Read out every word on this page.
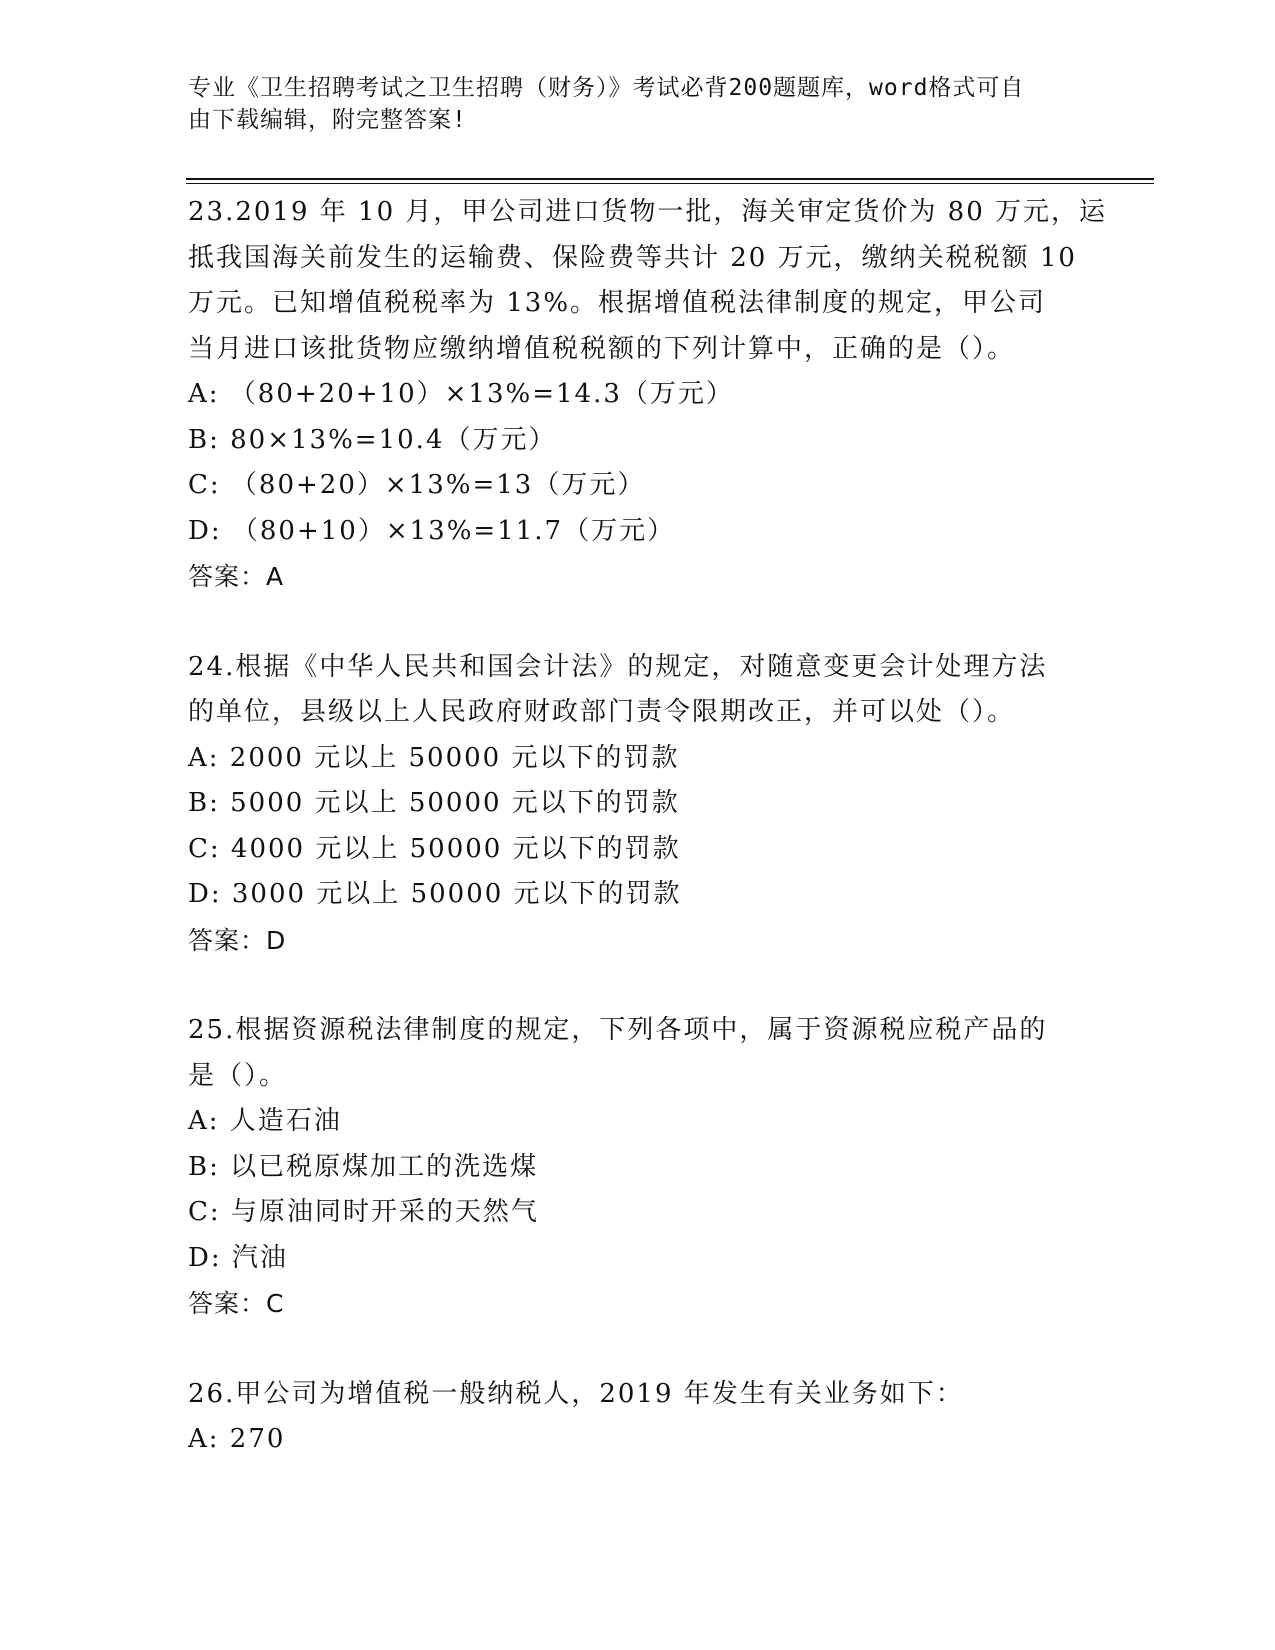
专业《卫生招聘考试之卫生招聘（财务）》考试必背200题题库，word格式可自
由下载编辑，附完整答案!
23.2019 年 10 月，甲公司进口货物一批，海关审定货价为 80 万元，运
抵我国海关前发生的运输费、保险费等共计 20 万元，缴纳关税税额 10
万元。已知增值税税率为 13%。根据增值税法律制度的规定，甲公司
当月进口该批货物应缴纳增值税税额的下列计算中，正确的是（）。
A: （80+20+10）×13%=14.3（万元）
B: 80×13%=10.4（万元）
C: （80+20）×13%=13（万元）
D: （80+10）×13%=11.7（万元）
答案：A
24.根据《中华人民共和国会计法》的规定，对随意变更会计处理方法
的单位，县级以上人民政府财政部门责令限期改正，并可以处（）。
A: 2000 元以上 50000 元以下的罚款
B: 5000 元以上 50000 元以下的罚款
C: 4000 元以上 50000 元以下的罚款
D: 3000 元以上 50000 元以下的罚款
答案：D
25.根据资源税法律制度的规定，下列各项中，属于资源税应税产品的
是（）。
A: 人造石油
B: 以已税原煤加工的洗选煤
C: 与原油同时开采的天然气
D: 汽油
答案：C
26.甲公司为增值税一般纳税人，2019 年发生有关业务如下：
A: 270
